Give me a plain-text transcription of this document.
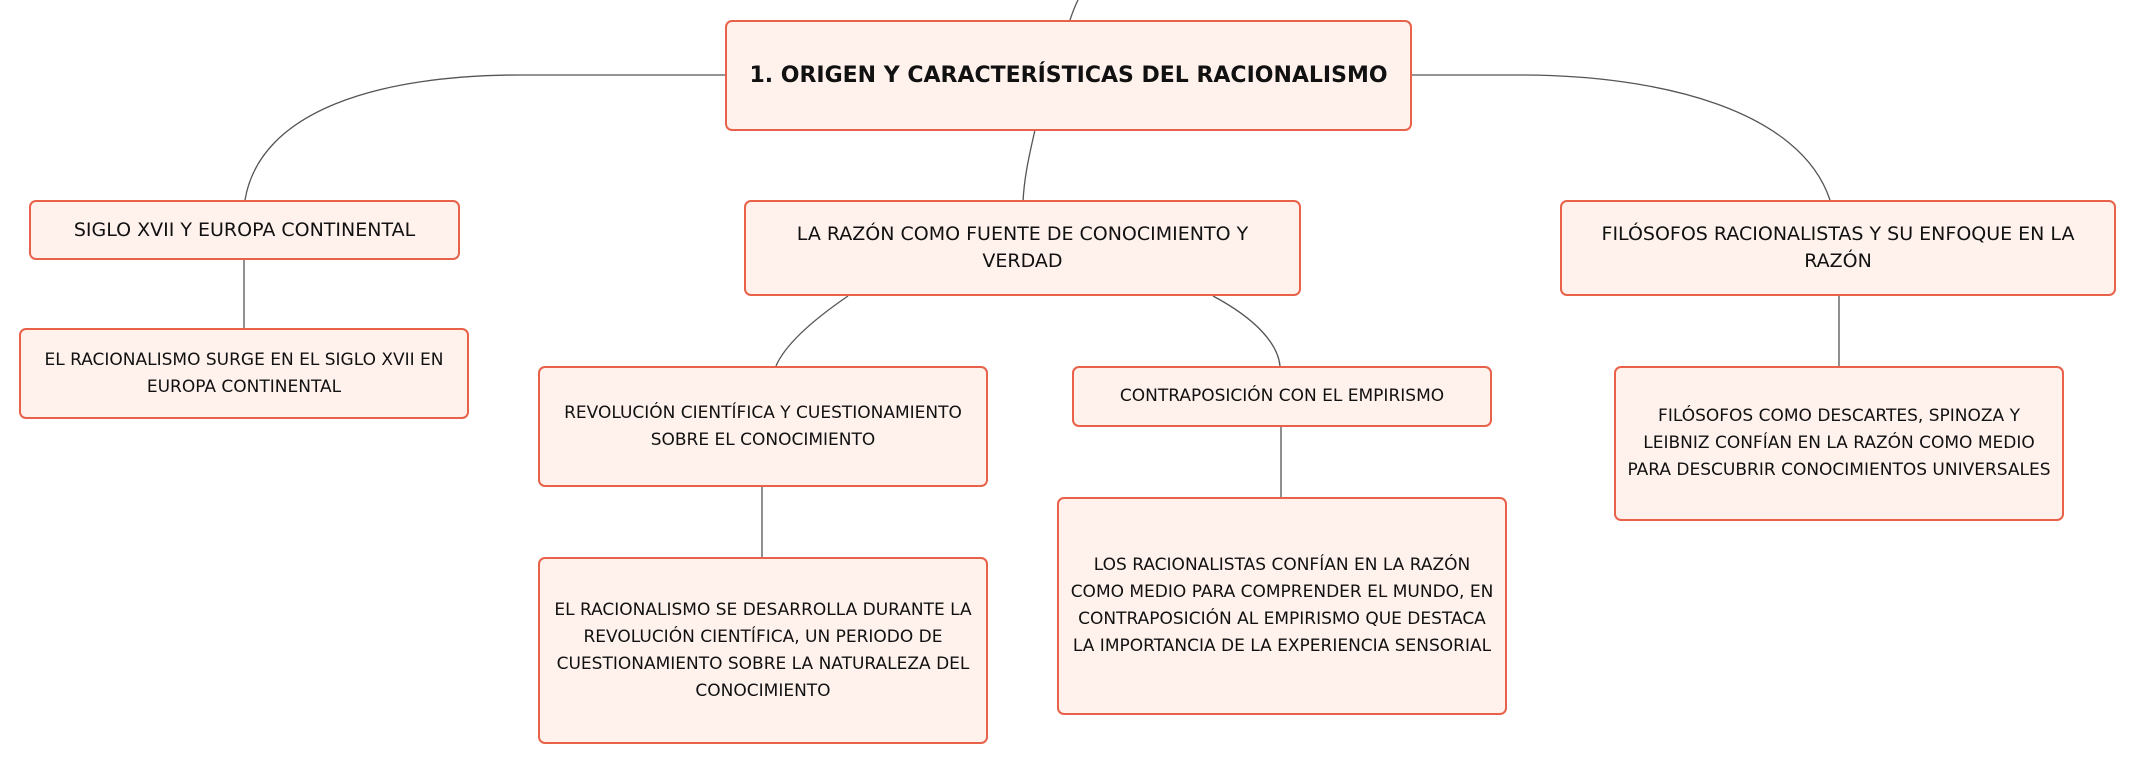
1. ORIGEN Y CARACTERÍSTICAS DEL RACIONALISMO
SIGLO XVII Y EUROPA CONTINENTAL
EL RACIONALISMO SURGE EN EL SIGLO XVII EN EUROPA CONTINENTAL
LA RAZÓN COMO FUENTE DE CONOCIMIENTO Y VERDAD
REVOLUCIÓN CIENTÍFICA Y CUESTIONAMIENTO SOBRE EL CONOCIMIENTO
EL RACIONALISMO SE DESARROLLA DURANTE LA REVOLUCIÓN CIENTÍFICA, UN PERIODO DE CUESTIONAMIENTO SOBRE LA NATURALEZA DEL CONOCIMIENTO
CONTRAPOSICIÓN CON EL EMPIRISMO
LOS RACIONALISTAS CONFÍAN EN LA RAZÓN COMO MEDIO PARA COMPRENDER EL MUNDO, EN CONTRAPOSICIÓN AL EMPIRISMO QUE DESTACA LA IMPORTANCIA DE LA EXPERIENCIA SENSORIAL
FILÓSOFOS RACIONALISTAS Y SU ENFOQUE EN LA RAZÓN
FILÓSOFOS COMO DESCARTES, SPINOZA Y LEIBNIZ CONFÍAN EN LA RAZÓN COMO MEDIO PARA DESCUBRIR CONOCIMIENTOS UNIVERSALES
